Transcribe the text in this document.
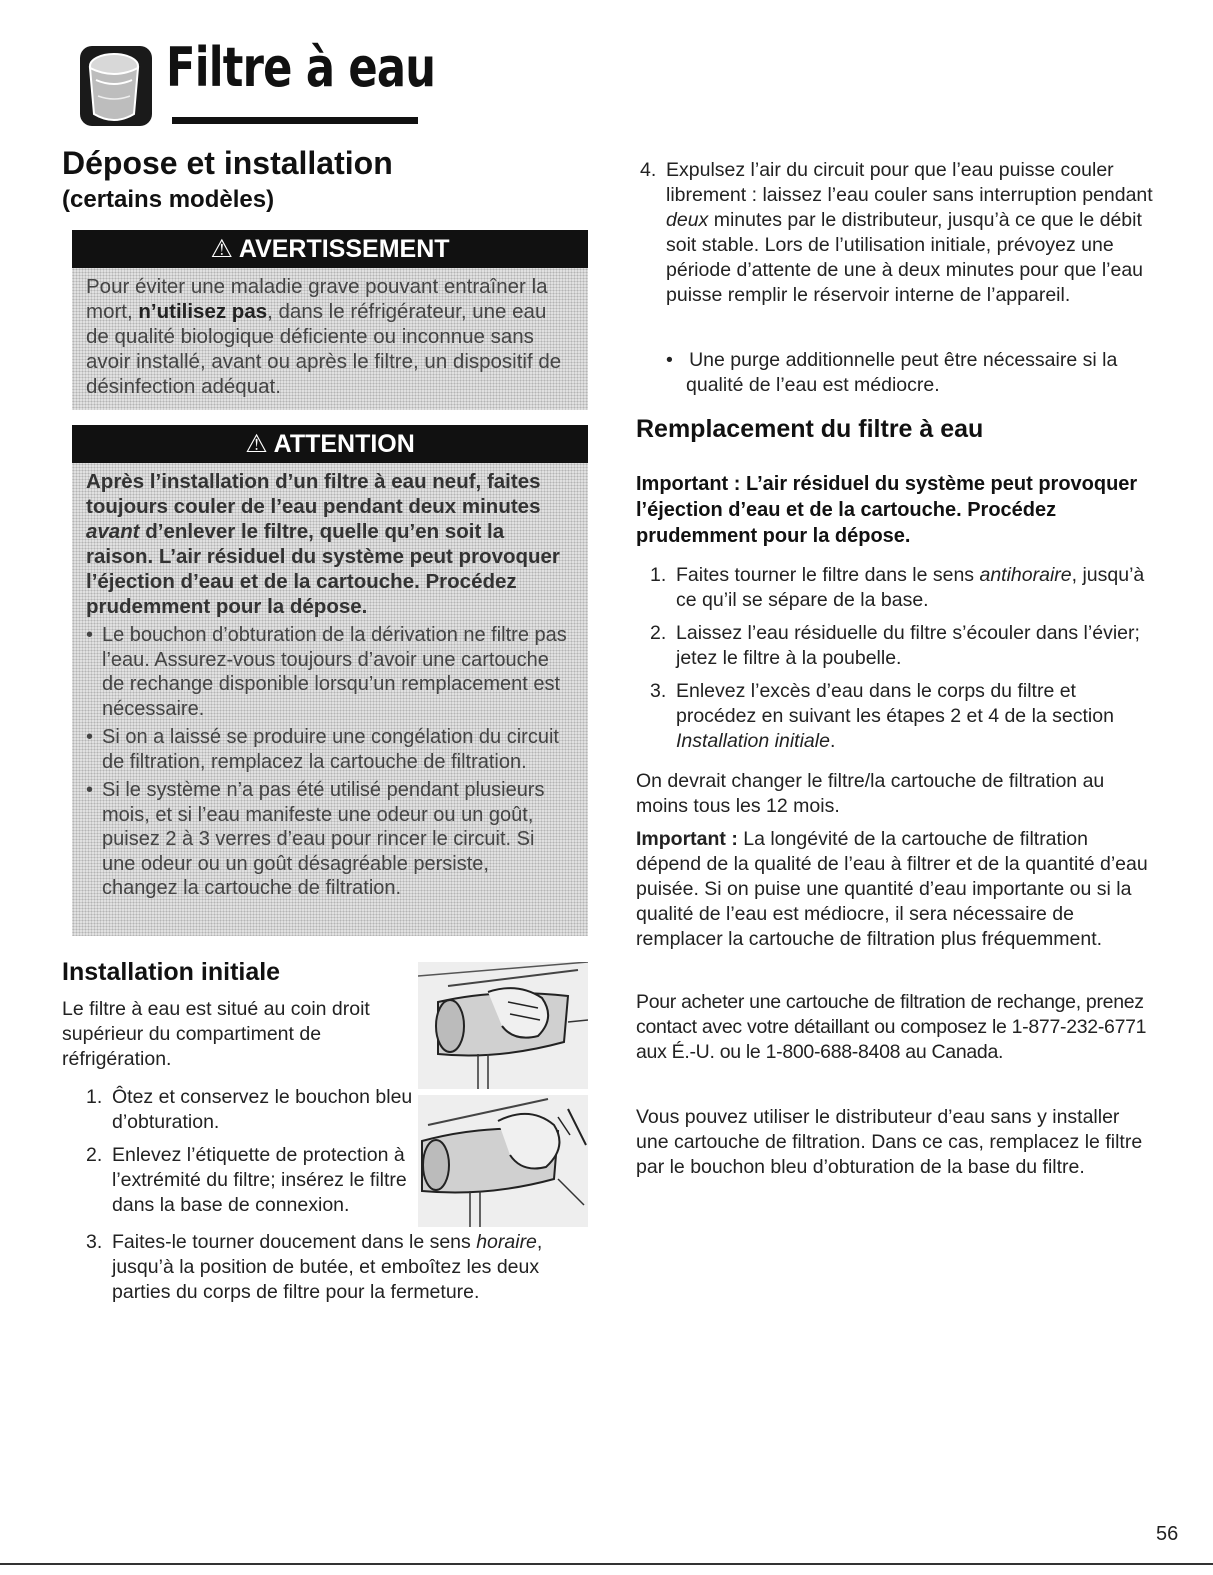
Filtre à eau
Dépose et installation
(certains modèles)
⚠ AVERTISSEMENT
Pour éviter une maladie grave pouvant entraîner la mort, n’utilisez pas, dans le réfrigérateur, une eau de qualité biologique déficiente ou inconnue sans avoir installé, avant ou après le filtre, un dispositif de désinfection adéquat.
⚠ ATTENTION
Après l’installation d’un filtre à eau neuf, faites toujours couler de l’eau pendant deux minutes avant d’enlever le filtre, quelle qu’en soit la raison. L’air résiduel du système peut provoquer l’éjection d’eau et de la cartouche. Procédez prudemment pour la dépose.
• Le bouchon d’obturation de la dérivation ne filtre pas l’eau. Assurez-vous toujours d’avoir une cartouche de rechange disponible lorsqu’un remplacement est nécessaire.
• Si on a laissé se produire une congélation du circuit de filtration, remplacez la cartouche de filtration.
• Si le système n’a pas été utilisé pendant plusieurs mois, et si l’eau manifeste une odeur ou un goût, puisez 2 à 3 verres d’eau pour rincer le circuit. Si une odeur ou un goût désagréable persiste, changez la cartouche de filtration.
Installation initiale
Le filtre à eau est situé au coin droit supérieur du compartiment de réfrigération.
1. Ôtez et conservez le bouchon bleu d’obturation.
2. Enlevez l’étiquette de protection à l’extrémité du filtre; insérez le filtre dans la base de connexion.
3. Faites-le tourner doucement dans le sens horaire, jusqu’à la position de butée, et emboîtez les deux parties du corps de filtre pour la fermeture.
4. Expulsez l’air du circuit pour que l’eau puisse couler librement : laissez l’eau couler sans interruption pendant deux minutes par le distributeur, jusqu’à ce que le débit soit stable. Lors de l’utilisation initiale, prévoyez une période d’attente de une à deux minutes pour que l’eau puisse remplir le réservoir interne de l’appareil.
•   Une purge additionnelle peut être nécessaire si la qualité de l’eau est médiocre.
Remplacement du filtre à eau
Important : L’air résiduel du système peut provoquer l’éjection d’eau et de la cartouche. Procédez prudemment pour la dépose.
1. Faites tourner le filtre dans le sens antihoraire, jusqu’à ce qu’il se sépare de la base.
2. Laissez l’eau résiduelle du filtre s’écouler dans l’évier; jetez le filtre à la poubelle.
3. Enlevez l’excès d’eau dans le corps du filtre et procédez en suivant les étapes 2 et 4 de la section Installation initiale.
On devrait changer le filtre/la cartouche de filtration au moins tous les 12 mois.
Important : La longévité de la cartouche de filtration dépend de la qualité de l’eau à filtrer et de la quantité d’eau puisée. Si on puise une quantité d’eau importante ou si la qualité de l’eau est médiocre, il sera nécessaire de remplacer la cartouche de filtration plus fréquemment.
Pour acheter une cartouche de filtration de rechange, prenez contact avec votre détaillant ou composez le 1-877-232-6771 aux É.-U. ou le 1-800-688-8408 au Canada.
Vous pouvez utiliser le distributeur d’eau sans y installer une cartouche de filtration. Dans ce cas, remplacez le filtre par le bouchon bleu d’obturation de la base du filtre.
56
